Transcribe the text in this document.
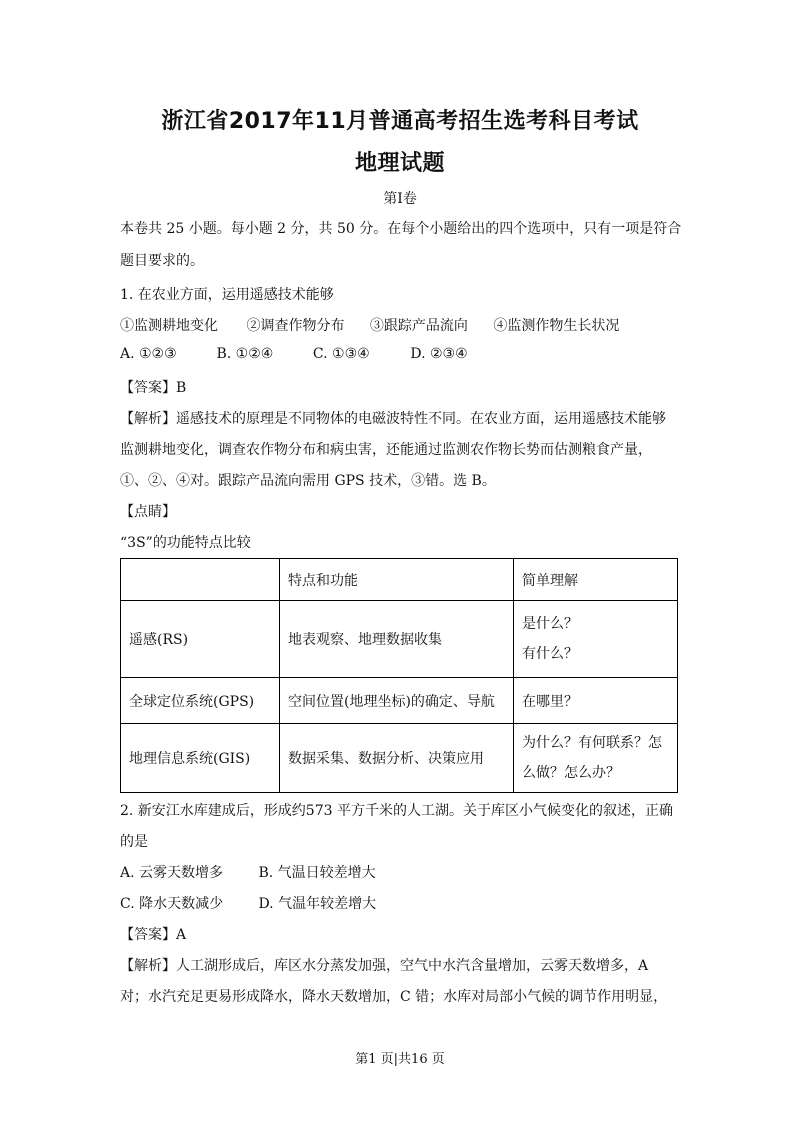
浙江省2017年11月普通高考招生选考科目考试
地理试题
第Ⅰ卷
本卷共 25 小题。每小题 2 分，共 50 分。在每个小题给出的四个选项中，只有一项是符合
题目要求的。
1. 在农业方面，运用遥感技术能够
①监测耕地变化 ②调查作物分布 ③跟踪产品流向 ④监测作物生长状况
A. ①②③	B. ①②④	C. ①③④	D. ②③④
【答案】B
【解析】遥感技术的原理是不同物体的电磁波特性不同。在农业方面，运用遥感技术能够
监测耕地变化，调查农作物分布和病虫害，还能通过监测农作物长势而估测粮食产量，
①、②、④对。跟踪产品流向需用 GPS 技术，③错。选 B。
【点睛】
“3S”的功能特点比较
	特点和功能	简单理解
遥感(RS)	地表观察、地理数据收集	是什么？
有什么？

全球定位系统(GPS)	空间位置(地理坐标)的确定、导航	在哪里？
地理信息系统(GIS)	数据采集、数据分析、决策应用	为什么？有何联系？怎
么做？怎么办？
2. 新安江水库建成后，形成约573 平方千米的人工湖。关于库区小气候变化的叙述，正确
的是
A. 云雾天数增多	B. 气温日较差增大
C. 降水天数减少	D. 气温年较差增大
【答案】A
【解析】人工湖形成后，库区水分蒸发加强，空气中水汽含量增加，云雾天数增多，A
对；水汽充足更易形成降水，降水天数增加，C 错；水库对局部小气候的调节作用明显，
第1 页|共16 页
